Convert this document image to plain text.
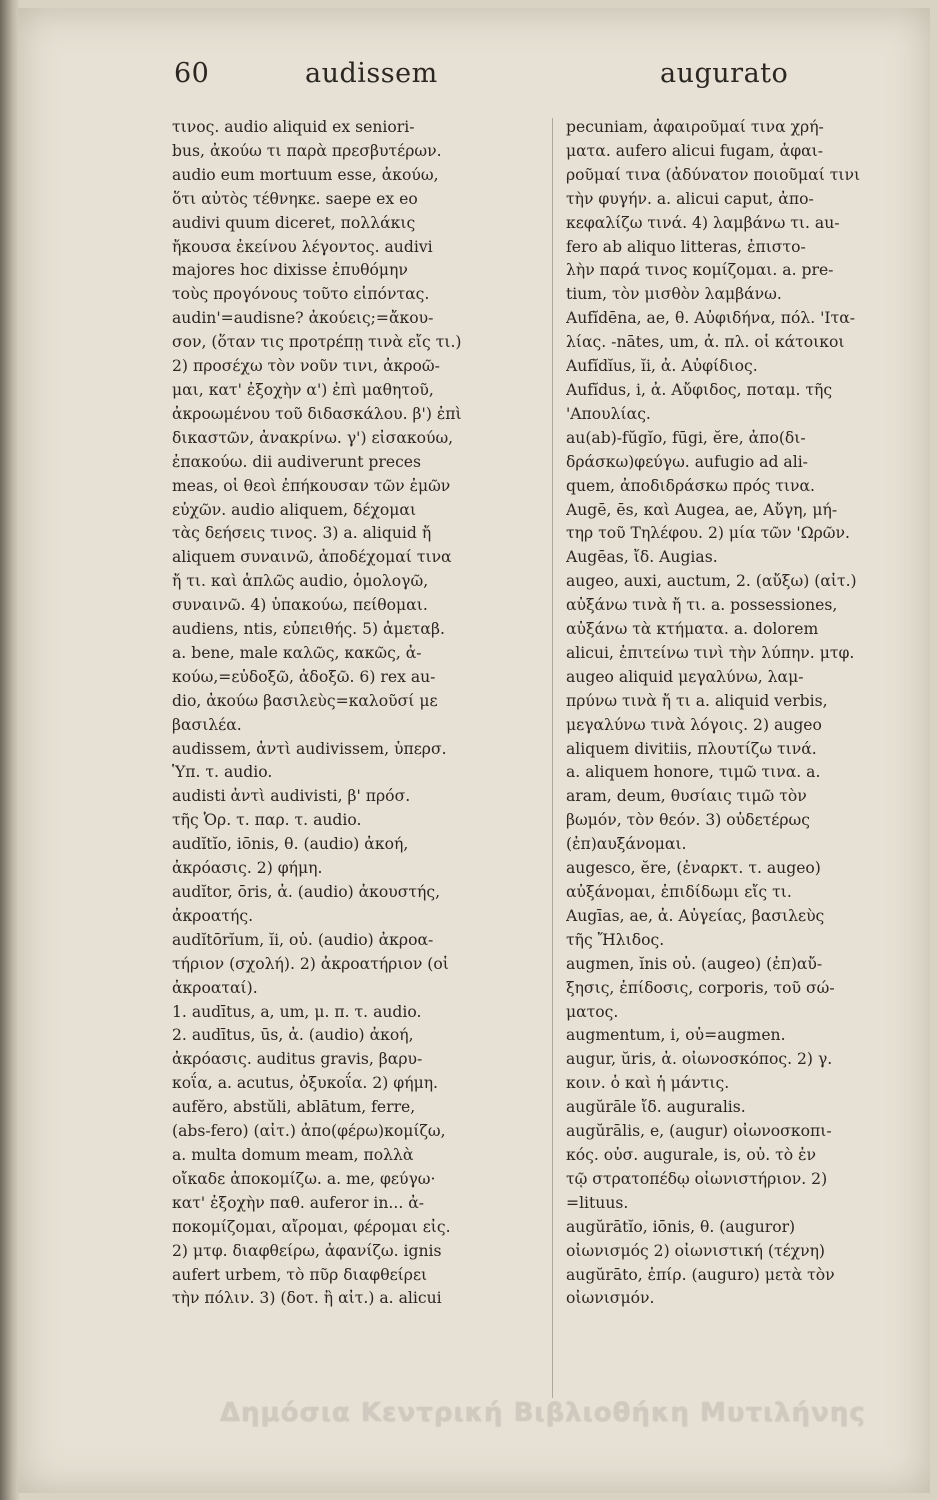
60	audissem	augurato
τινος. audio aliquid ex seniori-
bus, ἀκούω τι παρὰ πρεσβυτέρων.
audio eum mortuum esse, ἀκούω,
ὅτι αὐτὸς τέθνηκε. saepe ex eo
audivi quum diceret, πολλάκις
ἤκουσα ἐκείνου λέγοντος. audivi
majores hoc dixisse ἐπυθόμην
τοὺς προγόνους τοῦτο εἰπόντας.
audin'=audisne? ἀκούεις;=ἄκου-
σον, (ὅταν τις προτρέπῃ τινὰ εἴς τι.)
2) προσέχω τὸν νοῦν τινι, ἀκροῶ-
μαι, κατ' ἐξοχὴν α') ἐπὶ μαθητοῦ,
ἀκροωμένου τοῦ διδασκάλου. β') ἐπὶ
δικαστῶν, ἀνακρίνω. γ') εἰσακούω,
ἐπακούω. dii audiverunt preces
meas, οἱ θεοὶ ἐπήκουσαν τῶν ἐμῶν
εὐχῶν. audio aliquem, δέχομαι
τὰς δεήσεις τινος. 3) a. aliquid ἤ
aliquem συναινῶ, ἀποδέχομαί τινα
ἤ τι. καὶ ἁπλῶς audio, ὁμολογῶ,
συναινῶ. 4) ὑπακούω, πείθομαι.
audiens, ntis, εὐπειθής. 5) ἀμεταβ.
a. bene, male καλῶς, κακῶς, ἀ-
κούω,=εὐδοξῶ, ἀδοξῶ. 6) rex au-
dio, ἀκούω βασιλεὺς=καλοῦσί με
βασιλέα.
audissem, ἀντὶ audivissem, ὑπερσ.
Ὑπ. τ. audio.
audisti ἀντὶ audivisti, β' πρόσ.
τῆς Ὁρ. τ. παρ. τ. audio.
audĭtĭo, iōnis, θ. (audio) ἀκοή,
ἀκρόασις. 2) φήμη.
audĭtor, ōris, ἀ. (audio) ἀκουστής,
ἀκροατής.
audĭtōrĭum, ĭi, οὐ. (audio) ἀκροα-
τήριον (σχολή). 2) ἀκροατήριον (οἱ
ἀκροαταί).
1. audītus, a, um, μ. π. τ. audio.
2. audītus, ūs, ἀ. (audio) ἀκοή,
ἀκρόασις. auditus gravis, βαρυ-
κοΐα, a. acutus, ὀξυκοΐα. 2) φήμη.
aufĕro, abstŭli, ablātum, ferre,
(abs-fero) (αἰτ.) ἀπο(φέρω)κομίζω,
a. multa domum meam, πολλὰ
οἴκαδε ἀποκομίζω. a. me, φεύγω·
κατ' ἐξοχὴν παθ. auferor in... ἀ-
ποκομίζομαι, αἴρομαι, φέρομαι εἰς.
2) μτφ. διαφθείρω, ἀφανίζω. ignis
aufert urbem, τὸ πῦρ διαφθείρει
τὴν πόλιν. 3) (δοτ. ἢ αἰτ.) a. alicui
pecuniam, ἀφαιροῦμαί τινα χρή-
ματα. aufero alicui fugam, ἀφαι-
ροῦμαί τινα (ἀδύνατον ποιοῦμαί τινι
τὴν φυγήν. a. alicui caput, ἀπο-
κεφαλίζω τινά. 4) λαμβάνω τι. au-
fero ab aliquo litteras, ἐπιστο-
λὴν παρά τινος κομίζομαι. a. pre-
tium, τὸν μισθὸν λαμβάνω.
Aufĭdēna, ae, θ. Αὐφιδήνα, πόλ. 'Ιτα-
λίας. -nātes, um, ἀ. πλ. οἱ κάτοικοι
Aufĭdĭus, ĭi, ἀ. Αὐφίδιος.
Aufĭdus, i, ἀ. Αὔφιδος, ποταμ. τῆς
'Απουλίας.
au(ab)-fŭgĭo, fūgi, ĕre, ἀπο(δι-
δράσκω)φεύγω. aufugio ad ali-
quem, ἀποδιδράσκω πρός τινα.
Augē, ēs, καὶ Augea, ae, Αὔγη, μή-
τηρ τοῦ Τηλέφου. 2) μία τῶν 'Ωρῶν.
Augēas, ἴδ. Augias.
augeo, auxi, auctum, 2. (αὔξω) (αἰτ.)
αὐξάνω τινὰ ἤ τι. a. possessiones,
αὐξάνω τὰ κτήματα. a. dolorem
alicui, ἐπιτείνω τινὶ τὴν λύπην. μτφ.
augeo aliquid μεγαλύνω, λαμ-
πρύνω τινὰ ἤ τι a. aliquid verbis,
μεγαλύνω τινὰ λόγοις. 2) augeo
aliquem divitiis, πλουτίζω τινά.
a. aliquem honore, τιμῶ τινα. a.
aram, deum, θυσίαις τιμῶ τὸν
βωμόν, τὸν θεόν. 3) οὐδετέρως
(ἐπ)αυξάνομαι.
augesco, ĕre, (ἐναρκτ. τ. augeo)
αὐξάνομαι, ἐπιδίδωμι εἴς τι.
Augīas, ae, ἀ. Αὐγείας, βασιλεὺς
τῆς Ἤλιδος.
augmen, ĭnis οὐ. (augeo) (ἐπ)αὔ-
ξησις, ἐπίδοσις, corporis, τοῦ σώ-
ματος.
augmentum, i, οὐ=augmen.
augur, ŭris, ἀ. οἰωνοσκόπος. 2) γ.
κοιν. ὁ καὶ ἡ μάντις.
augŭrāle ἴδ. auguralis.
augŭrālis, e, (augur) οἰωνοσκοπι-
κός. οὐσ. augurale, is, οὐ. τὸ ἐν
τῷ στρατοπέδῳ οἰωνιστήριον. 2)
=lituus.
augŭrātĭo, iōnis, θ. (auguror)
οἰωνισμός 2) οἰωνιστική (τέχνη)
augŭrāto, ἐπίρ. (auguro) μετὰ τὸν
οἰωνισμόν.
Δημόσια Κεντρική Βιβλιοθήκη Μυτιλήνης
